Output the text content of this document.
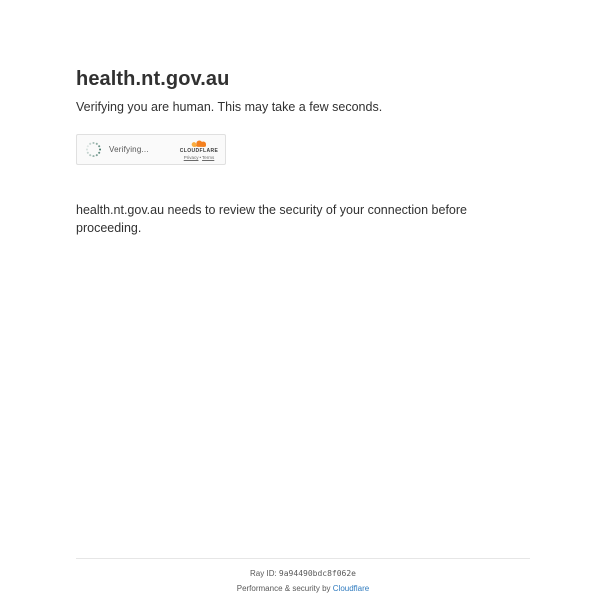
health.nt.gov.au
Verifying you are human. This may take a few seconds.
Verifying...	CLOUDFLARE
Privacy•Terms

health.nt.gov.au needs to review the security of your connection before proceeding.

Ray ID: 9a94490bdc8f062e
Performance & security by Cloudflare
